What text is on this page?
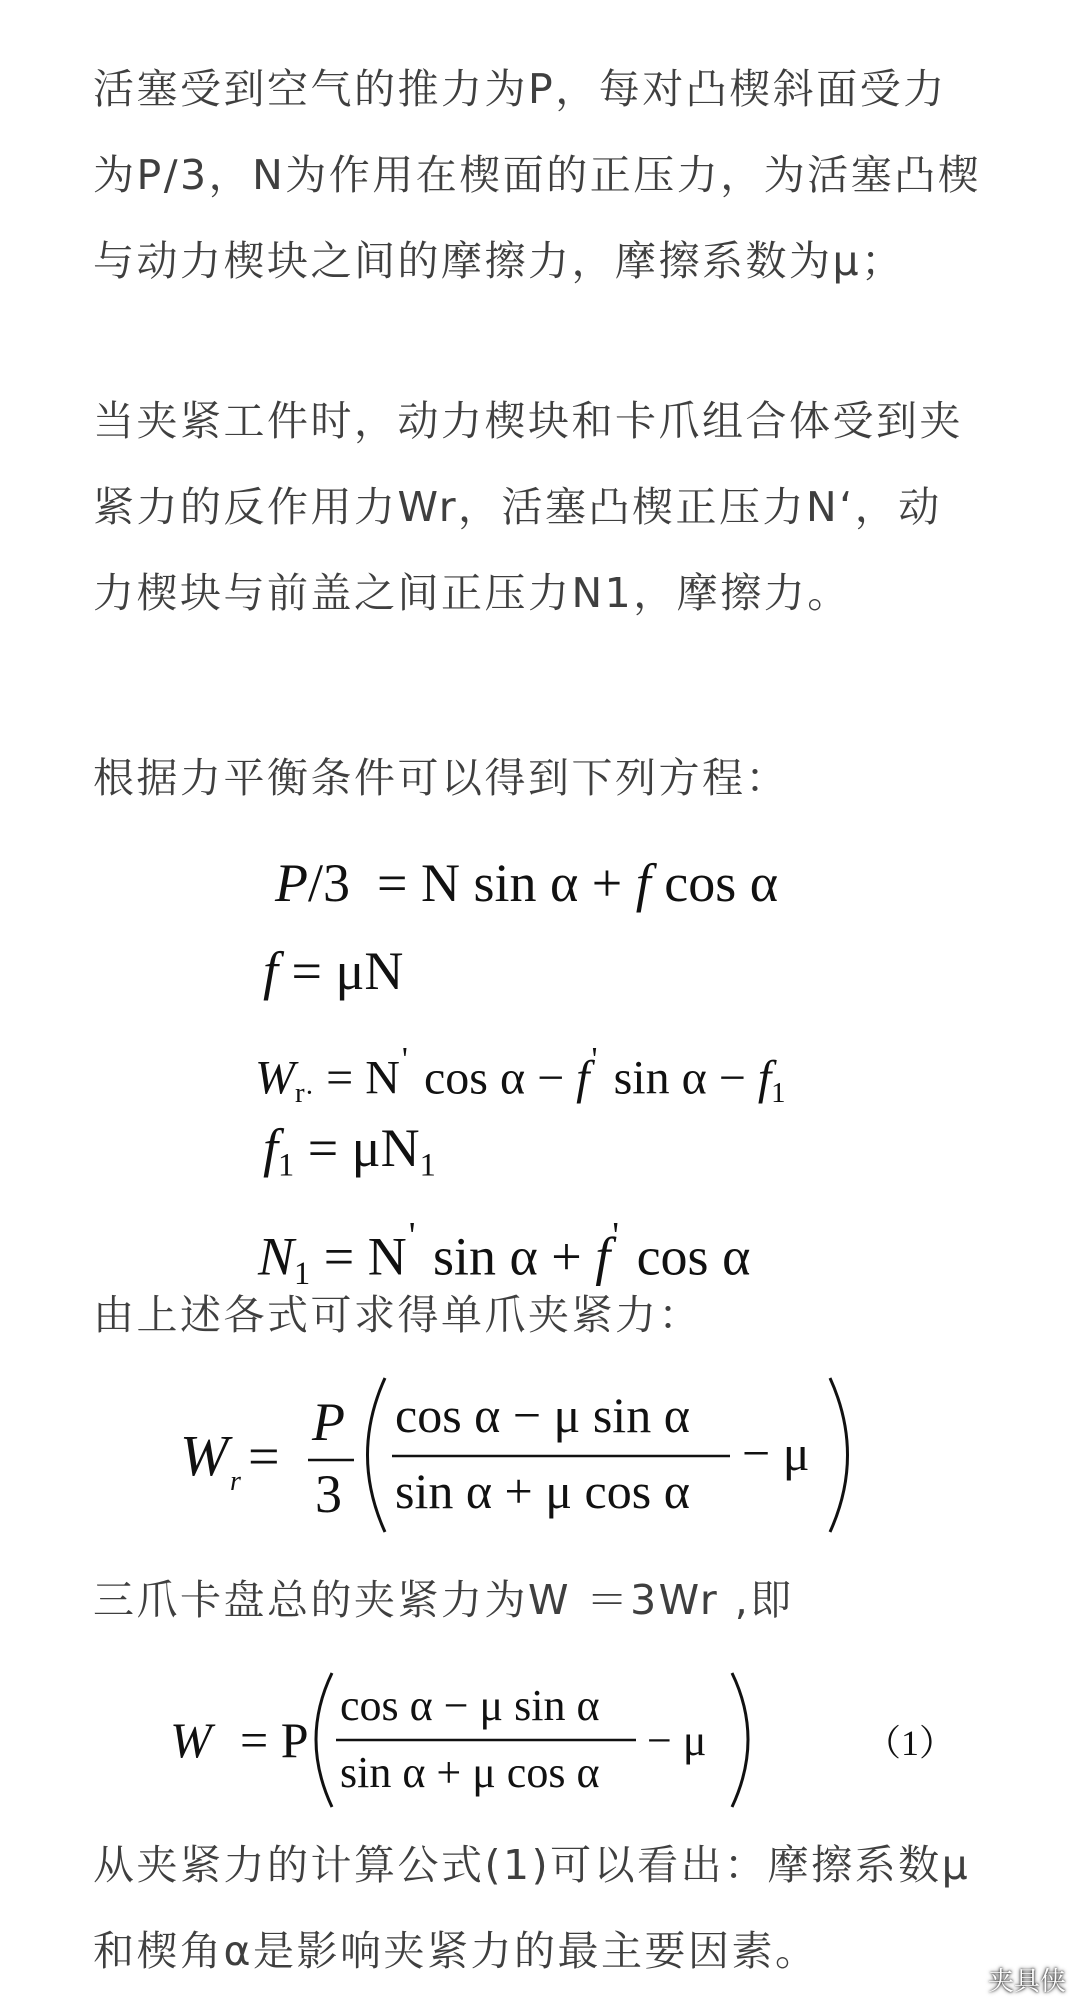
活塞受到空气的推力为P，每对凸楔斜面受力
为P/3，N为作用在楔面的正压力，为活塞凸楔
与动力楔块之间的摩擦力，摩擦系数为μ；
当夹紧工件时，动力楔块和卡爪组合体受到夹
紧力的反作用力Wr，活塞凸楔正压力N‘，动
力楔块与前盖之间正压力N1，摩擦力。
根据力平衡条件可以得到下列方程：
P/3 = N sin α + f cos α
f = μN
$W_{r\cdot} = N'$ cos α − f' $\sin \alpha - f_1$
$f_1 = \mu N_1$
$N_1 = N'$ sin α + f' cos α
由上述各式可求得单爪夹紧力：
W r =
P
3
cos α − μ sin α
sin α + μ cos α
− μ
三爪卡盘总的夹紧力为W ＝3Wr ,即
W = P
cos α − μ sin α
sin α + μ cos α
− μ	（1）
从夹紧力的计算公式(1)可以看出：摩擦系数μ
和楔角α是影响夹紧力的最主要因素。
夹具侠
